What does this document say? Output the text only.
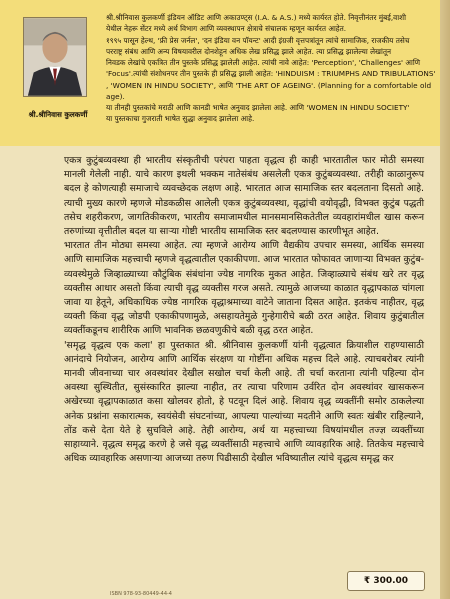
श्री.श्रीनिवास कुलकर्णी
श्री.श्रीनिवास कुलकर्णी इंडियन ऑडिट आणि अकाउण्ट्स (I.A. & A.S.) मध्ये कार्यरत होते. निवृत्तीनंतर मुंबई,वाशी
येथील नेहरू सेंटर मध्ये अर्थ विभाग आणि व्यवस्थापन क्षेत्राचे संचालक म्हणून कार्यरत आहेत.
१९९५ पासून हेल्थ, 'फ्री प्रेस जर्नल', 'दन इंडिया वन पॉयन्ट' आदी इंग्रजी वृत्तपत्रांतून त्यांचे सामाजिक, राजकीय तसेच
परराष्ट्र संबंध आणि अन्य विषयावरील दोनशेहून अधिक लेख प्रसिद्ध झाले आहेत. त्या प्रसिद्ध झालेल्या लेखांतून
निवडक लेखांचे एकत्रित तीन पुस्तके प्रसिद्ध झालेली आहेत. त्यांची नावे आहेत: 'Perception', 'Challenges' आणि
'Focus'.त्यांची संशोधनपर तीन पुस्तके ही प्रसिद्ध झाली आहेत: 'HINDUISM : TRIUMPHS AND TRIBULATIONS'
, 'WOMEN IN HINDU SOCIETY', आणि 'THE ART OF AGEING'. (Planning for a comfortable old age).
या तीनही पुस्तकांचे मराठी आणि कानडी भाषेत अनुवाद झालेला आहे. आणि 'WOMEN IN HINDU SOCIETY'
या पुस्तकाचा गुजराती भाषेत सुद्धा अनुवाद झालेला आहे.

एकत्र कुटुंबव्यवस्था ही भारतीय संस्कृतीची परंपरा पाहता वृद्धत्व ही काही भारतातील फार मोठी समस्या मानली गेलेली नाही. याचे कारण इथली भक्कम नातेसंबंध असलेली एकत्र कुटुंबव्यवस्था. तरीही काळानुरूप बदल हे कोणत्याही समाजाचे व्यवच्छेदक लक्षण आहे. भारतात आज सामाजिक स्तर बदलताना दिसतो आहे. त्याची मुख्य कारणे म्हणजे मोडकळीस आलेली एकत्र कुटुंबव्यवस्था, वृद्धांची वयोवृद्धी, विभक्त कुटुंब पद्धती तसेच शहरीकरण, जागतिकीकरण, भारतीय समाजामधील मानसमानसिकतेतील व्यवहारांमधील खास करून तरुणांच्या वृत्तीतील बदल या साऱ्या गोष्टी भारतीय सामाजिक स्तर बदलण्यास कारणीभूत आहेत.

भारतात तीन मोठ्या समस्या आहेत. त्या म्हणजे आरोग्य आणि वैद्यकीय उपचार समस्या, आर्थिक समस्या आणि सामाजिक महत्त्वाची म्हणजे वृद्धत्वातील एकाकीपणा. आज भारतात फोफावत जाणाऱ्या विभक्त कुटुंब-व्यवस्थेमुळे जिव्हाळ्याच्या कौटुंबिक संबंधांना ज्येष्ठ नागरिक मुकत आहेत. जिव्हाळ्याचे संबंध खरे तर वृद्ध व्यक्तीस आधार असतो किंवा त्याची वृद्ध व्यक्तीस गरज असते. त्यामुळे आजच्या काळात वृद्धापकाळ चांगला जावा या हेतूने, अधिकाधिक ज्येष्ठ नागरिक वृद्धाश्रमाच्या वाटेने जाताना दिसत आहेत. इतकंच नाहीतर, वृद्ध व्यक्ती किंवा वृद्ध जोडपी एकाकीपणामुळे, असहायतेमुळे गुन्हेगारीचे बळी ठरत आहेत. शिवाय कुटुंबातील व्यक्तींकडूनच शारीरिक आणि भावनिक छळवणुकीचे बळी वृद्ध ठरत आहेत.

'समृद्ध वृद्धत्व एक कला' हा पुस्तकात श्री. श्रीनिवास कुलकर्णी यांनी वृद्धत्वात क्रियाशील राहण्यासाठी आनंदाचे नियोजन, आरोग्य आणि आर्थिक संरक्षण या गोष्टींना अधिक महत्त्व दिले आहे. त्याचबरोबर त्यांनी मानवी जीवनाच्या चार अवस्थांवर देखील सखोल चर्चा केली आहे. ती चर्चा करताना त्यांनी पहिल्या दोन अवस्था सुस्थितीत, सुसंस्कारित झाल्या नाहीत, तर त्याचा परिणाम उर्वरित दोन अवस्थांवर खासकरून अखेरच्या वृद्धापकाळात कसा खोलवर होतो, हे पटवून दिलं आहे. शिवाय वृद्ध व्यक्तींनी समोर ठाकलेल्या अनेक प्रश्नांना सकारात्मक, स्वयंसेवी संघटनांच्या, आपल्या पाल्यांच्या मदतीने आणि स्वतः खंबीर राहिल्याने, तोंड कसे देता येते हे सुचविले आहे. तेही आरोग्य, अर्थ या महत्त्वाच्या विषयांमधील तज्ज्ञ व्यक्तींच्या साहाय्याने. वृद्धत्व समृद्ध करणे हे जसे वृद्ध व्यक्तींसाठी महत्त्वाचे आणि व्यावहारिक आहे. तितकेच महत्त्वाचे अधिक व्यावहारिक असणाऱ्या आजच्या तरुण पिढीसाठी देखील भविष्यातील त्यांचे वृद्धत्व समृद्ध कर

₹ 300.00
ISBN 978-93-80449-44-4
